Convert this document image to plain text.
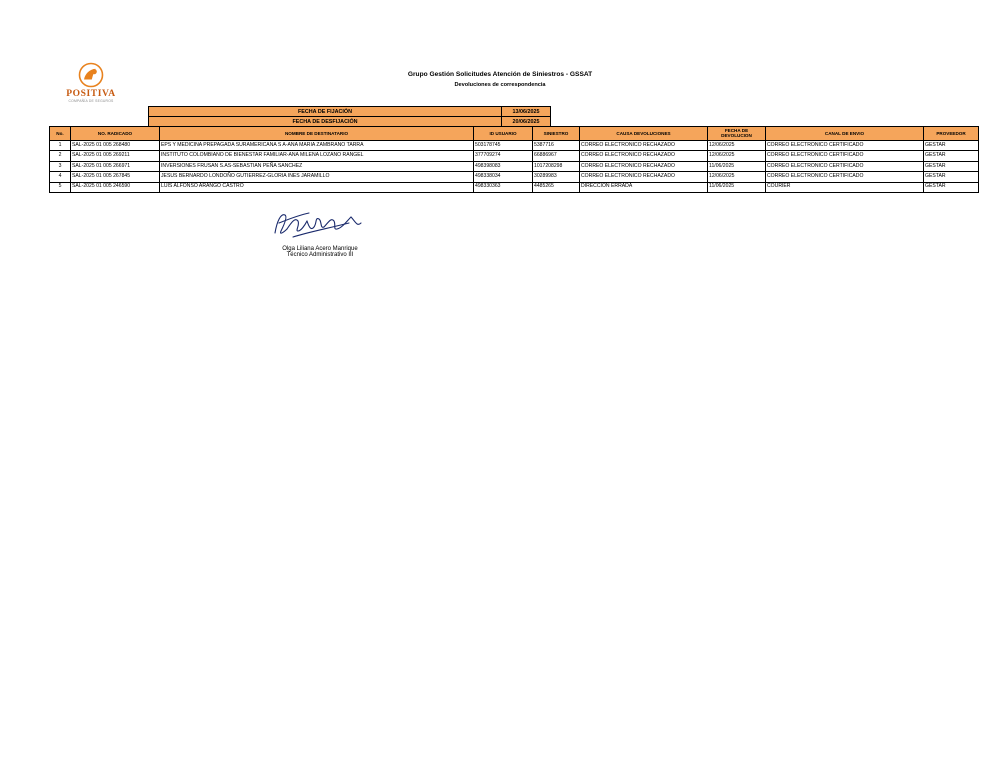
POSITIVA
COMPAÑÍA DE SEGUROS
Grupo Gestión Solicitudes Atención de Siniestros - GSSAT
Devoluciones de correspondencia
FECHA DE FIJACIÓN	13/06/2025
FECHA DE DESFIJACIÓN	20/06/2025
No.	NO. RADICADO	NOMBRE DE DESTINATARIO	ID USUARIO	SINIESTRO	CAUSA DEVOLUCIONES	FECHA DE DEVOLUCION	CANAL DE ENVIO	PROVEEDOR
1	SAL-2025 01 005 268480	EPS Y MEDICINA PREPAGADA SURAMERICANA S A-ANA MARIA ZAMBRANO TARRA	503178745	5387716	CORREO ELECTRONICO RECHAZADO	12/06/2025	CORREO ELECTRONICO CERTIFICADO	GESTAR
2	SAL-2025 01 005 269211	INSTITUTO COLOMBIANO DE BIENESTAR FAMILIAR-ANA MILENA LOZANO RANGEL	377709274	66886967	CORREO ELECTRONICO RECHAZADO	12/06/2025	CORREO ELECTRONICO CERTIFICADO	GESTAR
3	SAL-2025 01 005 266971	INVERSIONES FRUSAN S.AS-SEBASTIAN PEÑA SANCHEZ	498398083	1017208298	CORREO ELECTRONICO RECHAZADO	11/06/2025	CORREO ELECTRONICO CERTIFICADO	GESTAR
4	SAL-2025 01 005 267845	JESUS BERNARDO LONDOÑO GUTIERREZ-GLORIA INES JARAMILLO	498338034	30289983	CORREO ELECTRONICO RECHAZADO	12/06/2025	CORREO ELECTRONICO CERTIFICADO	GESTAR
5	SAL-2025 01 005 246590	LUIS ALFONSO ARANGO CASTRO	498330363	4485265	DIRECCION ERRADA	11/06/2025	COURIER	GESTAR
Olga Liliana Acero Manrique
Técnico Administrativo III
